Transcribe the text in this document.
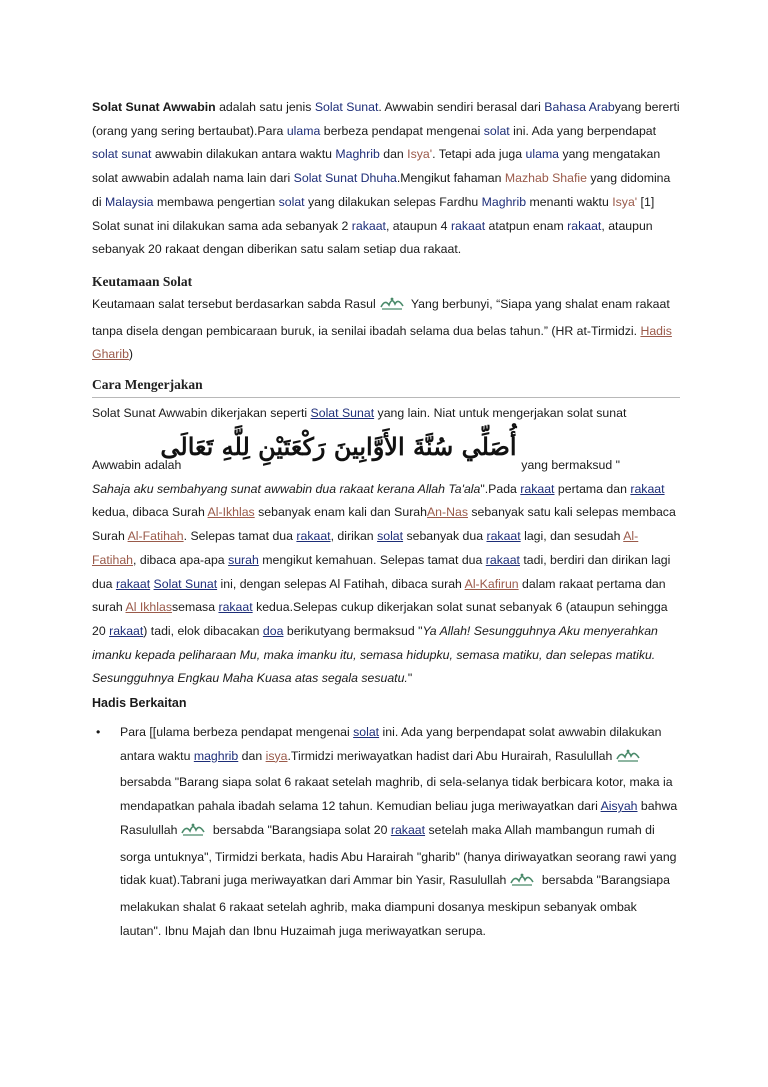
Solat Sunat Awwabin adalah satu jenis Solat Sunat. Awwabin sendiri berasal dari Bahasa Arabyang bererti (orang yang sering bertaubat).Para ulama berbeza pendapat mengenai solat ini. Ada yang berpendapat solat sunat awwabin dilakukan antara waktu Maghrib dan Isya'. Tetapi ada juga ulama yang mengatakan solat awwabin adalah nama lain dari Solat Sunat Dhuha.Mengikut fahaman Mazhab Shafie yang didomina di Malaysia membawa pengertian solat yang dilakukan selepas Fardhu Maghrib menanti waktu Isya' [1] Solat sunat ini dilakukan sama ada sebanyak 2 rakaat, ataupun 4 rakaat atatpun enam rakaat, ataupun sebanyak 20 rakaat dengan diberikan satu salam setiap dua rakaat.

Keutamaan Solat

Keutamaan salat tersebut berdasarkan sabda Rasul	Yang berbunyi, “Siapa yang shalat enam rakaat tanpa disela dengan pembicaraan buruk, ia senilai ibadah selama dua belas tahun.” (HR at-Tirmidzi. Hadis Gharib)

Cara Mengerjakan

Solat Sunat Awwabin dikerjakan seperti Solat Sunat yang lain. Niat untuk mengerjakan solat sunat

أُصَلِّي سُنَّةَ الأَوَّابِينَ رَكْعَتَيْنِ لِلَّهِ تَعَالَى
Awwabin adalah	yang bermaksud "

Sahaja aku sembahyang sunat awwabin dua rakaat kerana Allah Ta'ala".Pada rakaat pertama dan rakaat kedua, dibaca Surah Al-Ikhlas sebanyak enam kali dan SurahAn-Nas sebanyak satu kali selepas membaca Surah Al-Fatihah. Selepas tamat dua rakaat, dirikan solat sebanyak dua rakaat lagi, dan sesudah Al-Fatihah, dibaca apa-apa surah mengikut kemahuan. Selepas tamat dua rakaat tadi, berdiri dan dirikan lagi dua rakaat Solat Sunat ini, dengan selepas Al Fatihah, dibaca surah Al-Kafirun dalam rakaat pertama dan surah Al Ikhlassemasa rakaat kedua.Selepas cukup dikerjakan solat sunat sebanyak 6 (ataupun sehingga 20 rakaat) tadi, elok dibacakan doa berikutyang bermaksud "Ya Allah! Sesungguhnya Aku menyerahkan imanku kepada peliharaan Mu, maka imanku itu, semasa hidupku, semasa matiku, dan selepas matiku. Sesungguhnya Engkau Maha Kuasa atas segala sesuatu."

Hadis Berkaitan
• Para [[ulama berbeza pendapat mengenai solat ini. Ada yang berpendapat solat awwabin dilakukan antara waktu maghrib dan isya.Tirmidzi meriwayatkan hadist dari Abu Hurairah, Rasulullah bersabda "Barang siapa solat 6 rakaat setelah maghrib, di sela-selanya tidak berbicara kotor, maka ia mendapatkan pahala ibadah selama 12 tahun. Kemudian beliau juga meriwayatkan dari Aisyah bahwa Rasulullah	bersabda "Barangsiapa solat 20 rakaat setelah maka Allah mambangun rumah di sorga untuknya", Tirmidzi berkata, hadis Abu Harairah "gharib" (hanya diriwayatkan seorang rawi yang tidak kuat).Tabrani juga meriwayatkan dari Ammar bin Yasir, Rasulullah	bersabda "Barangsiapa melakukan shalat 6 rakaat setelah aghrib, maka diampuni dosanya meskipun sebanyak ombak lautan". Ibnu Majah dan Ibnu Huzaimah juga meriwayatkan serupa.
